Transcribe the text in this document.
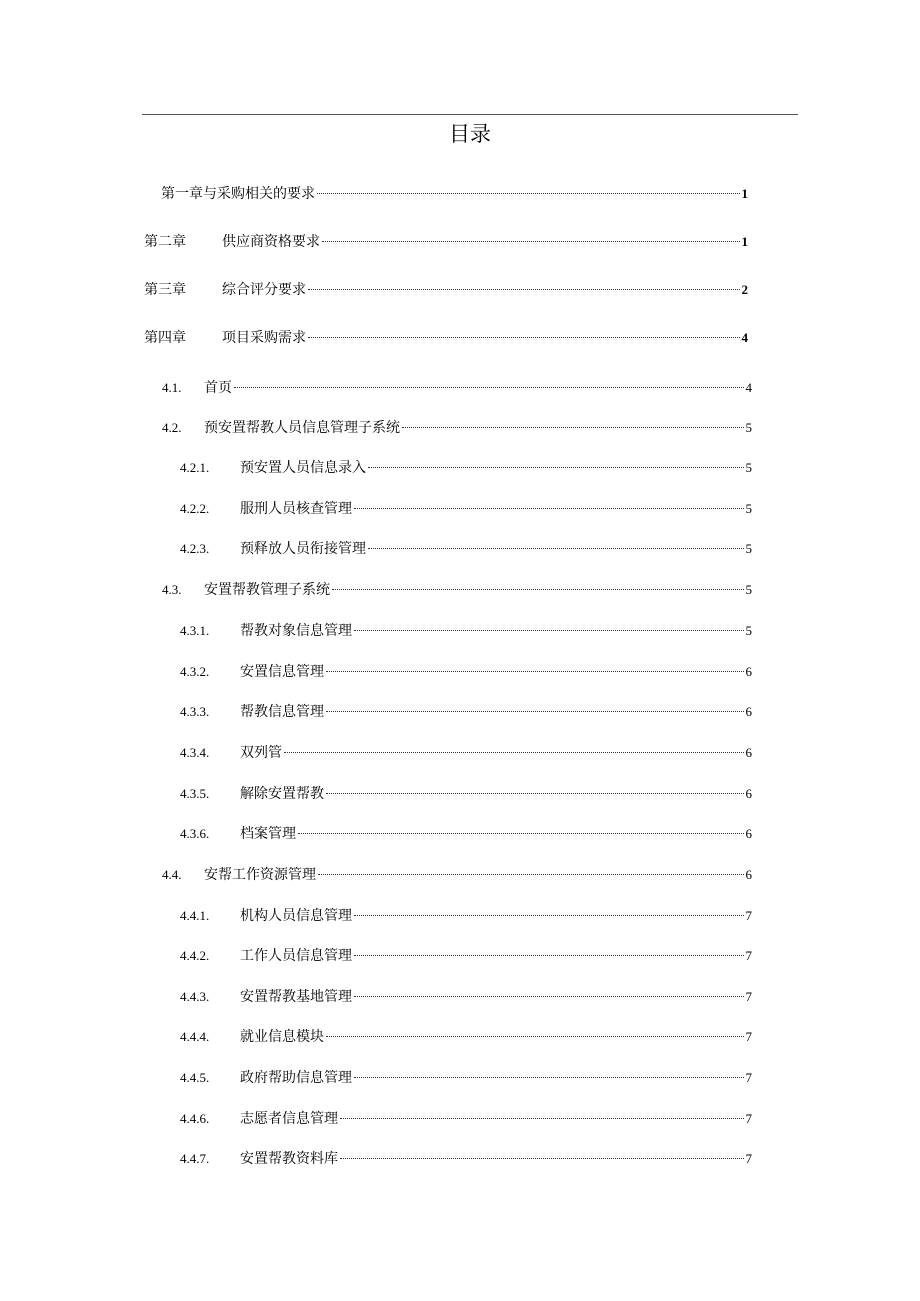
目录
第一章与采购相关的要求	1
第二章	供应商资格要求	1
第三章	综合评分要求	2
第四章	项目采购需求	4
4.1.	首页	4
4.2.	预安置帮教人员信息管理子系统	5
4.2.1.	预安置人员信息录入	5
4.2.2.	服刑人员核查管理	5
4.2.3.	预释放人员衔接管理	5
4.3.	安置帮教管理子系统	5
4.3.1.	帮教对象信息管理	5
4.3.2.	安置信息管理	6
4.3.3.	帮教信息管理	6
4.3.4.	双列管	6
4.3.5.	解除安置帮教	6
4.3.6.	档案管理	6
4.4.	安帮工作资源管理	6
4.4.1.	机构人员信息管理	7
4.4.2.	工作人员信息管理	7
4.4.3.	安置帮教基地管理	7
4.4.4.	就业信息模块	7
4.4.5.	政府帮助信息管理	7
4.4.6.	志愿者信息管理	7
4.4.7.	安置帮教资料库	7
